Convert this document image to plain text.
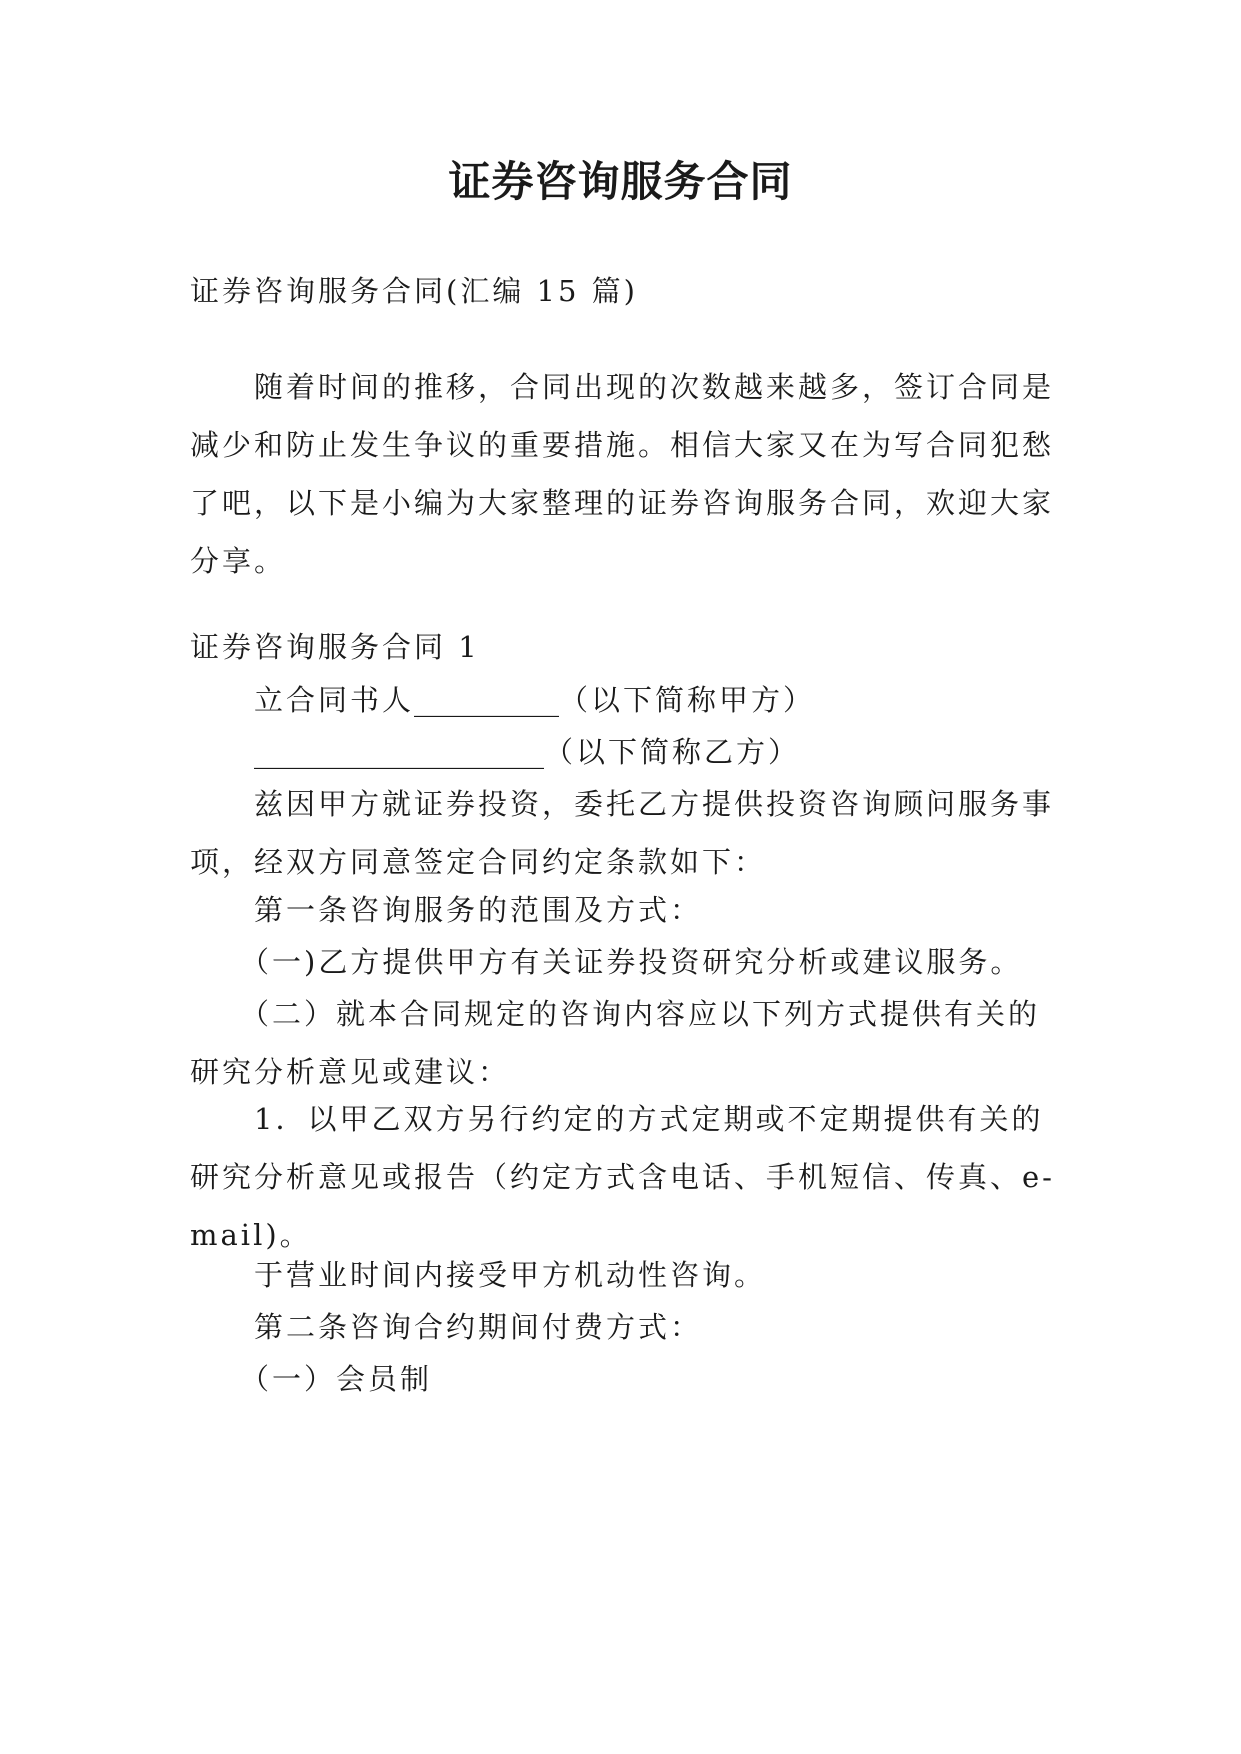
证券咨询服务合同

证券咨询服务合同(汇编 15 篇)

随着时间的推移，合同出现的次数越来越多，签订合同是减少和防止发生争议的重要措施。相信大家又在为写合同犯愁了吧，以下是小编为大家整理的证券咨询服务合同，欢迎大家分享。

证券咨询服务合同 1

立合同书人__________（以下简称甲方）

____________________（以下简称乙方）

兹因甲方就证券投资，委托乙方提供投资咨询顾问服务事项，经双方同意签定合同约定条款如下：

第一条咨询服务的范围及方式：

（一)乙方提供甲方有关证券投资研究分析或建议服务。

（二）就本合同规定的咨询内容应以下列方式提供有关的研究分析意见或建议：

1．以甲乙双方另行约定的方式定期或不定期提供有关的研究分析意见或报告（约定方式含电话、手机短信、传真、e-mail)。

于营业时间内接受甲方机动性咨询。

第二条咨询合约期间付费方式：

（一）会员制
